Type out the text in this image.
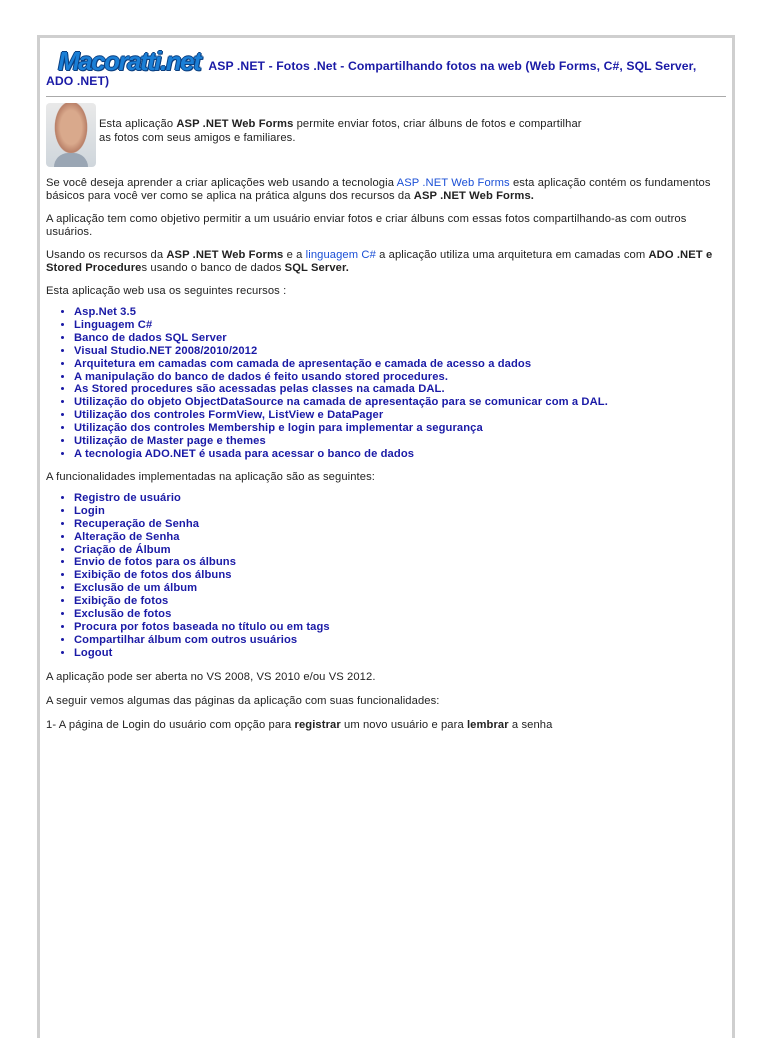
Macoratti.net ASP .NET - Fotos .Net - Compartilhando fotos na web (Web Forms, C#, SQL Server, ADO .NET)
Esta aplicação ASP .NET Web Forms permite enviar fotos, criar álbuns de fotos e compartilhar
as fotos com seus amigos e familiares.

Se você deseja aprender a criar aplicações web usando a tecnologia ASP .NET Web Forms esta aplicação contém os fundamentos básicos para você ver como se aplica na prática alguns dos recursos da ASP .NET Web Forms.

A aplicação tem como objetivo permitir a um usuário enviar fotos e criar álbuns com essas fotos compartilhando-as com outros usuários.

Usando os recursos da ASP .NET Web Forms e a linguagem C# a aplicação utiliza uma arquitetura em camadas com ADO .NET e Stored Procedures usando o banco de dados SQL Server.

Esta aplicação web usa os seguintes recursos :

• Asp.Net 3.5
• Linguagem C#
• Banco de dados SQL Server
• Visual Studio.NET 2008/2010/2012
• Arquitetura em camadas com camada de apresentação e camada de acesso a dados
• A manipulação do banco de dados é feito usando stored procedures.
• As Stored procedures são acessadas pelas classes na camada DAL.
• Utilização do objeto ObjectDataSource na camada de apresentação para se comunicar com a DAL.
• Utilização dos controles FormView, ListView e DataPager
• Utilização dos controles Membership e login para implementar a segurança
• Utilização de Master page e themes
• A tecnologia ADO.NET é usada para acessar o banco de dados

A funcionalidades implementadas na aplicação são as seguintes:

• Registro de usuário
• Login
• Recuperação de Senha
• Alteração de Senha
• Criação de Álbum
• Envio de fotos para os álbuns
• Exibição de fotos dos álbuns
• Exclusão de um álbum
• Exibição de fotos
• Exclusão de fotos
• Procura por fotos baseada no título ou em tags
• Compartilhar álbum com outros usuários
• Logout

A aplicação pode ser aberta no VS 2008, VS 2010 e/ou VS 2012.

A seguir vemos algumas das páginas da aplicação com suas funcionalidades:

1- A página de Login do usuário com opção para registrar um novo usuário e para lembrar a senha
